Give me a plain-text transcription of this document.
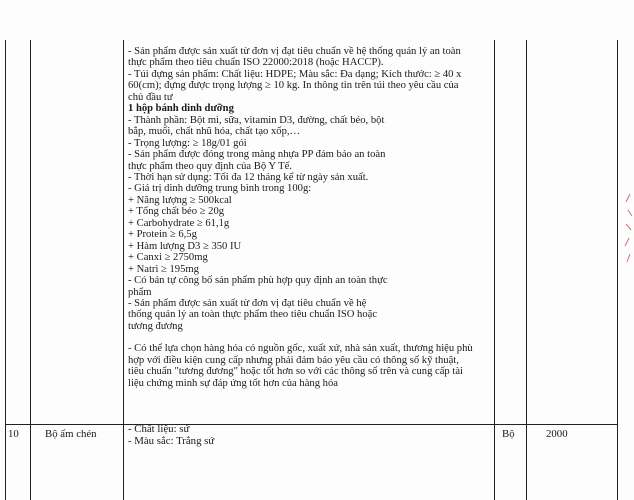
- Sản phẩm được sản xuất từ đơn vị đạt tiêu chuẩn về hệ thống quản lý an toàn
thực phẩm theo tiêu chuẩn ISO 22000:2018 (hoặc HACCP).
- Túi đựng sản phẩm: Chất liệu: HDPE; Màu sắc: Đa dạng; Kích thước: ≥ 40 x
60(cm); đựng được trọng lượng ≥ 10 kg. In thông tin trên túi theo yêu cầu của
chủ đầu tư
1 hộp bánh dinh dưỡng
- Thành phần: Bột mì, sữa, vitamin D3, đường, chất béo, bột
bắp, muối, chất nhũ hóa, chất tạo xốp,…
- Trọng lượng: ≥ 18g/01 gói
- Sản phẩm được đóng trong màng nhựa PP đảm bảo an toàn
thực phẩm theo quy định của Bộ Y Tế.
- Thời hạn sử dụng: Tối đa 12 tháng kể từ ngày sản xuất.
- Giá trị dinh dưỡng trung bình trong 100g:
+ Năng lượng ≥ 500kcal
+ Tổng chất béo ≥ 20g
+ Carbohydrate ≥ 61,1g
+ Protein ≥ 6,5g
+ Hàm lượng D3 ≥ 350 IU
+ Canxi ≥ 2750mg
+ Natri ≥ 195mg
- Có bản tự công bố sản phẩm phù hợp quy định an toàn thực
phẩm
- Sản phẩm được sản xuất từ đơn vị đạt tiêu chuẩn về hệ
thống quản lý an toàn thực phẩm theo tiêu chuẩn ISO hoặc
tương đương
- Có thể lựa chọn hàng hóa có nguồn gốc, xuất xứ, nhà sản xuất, thương hiệu phù
hợp với điều kiện cung cấp nhưng phải đảm bảo yêu cầu có thông số kỹ thuật,
tiêu chuẩn "tương đương" hoặc tốt hơn so với các thông số trên và cung cấp tài
liệu chứng minh sự đáp ứng tốt hơn của hàng hóa
10 Bộ ấm chén	- Chất liệu: sứ
- Màu sắc: Trắng sứ
Bộ	2000
